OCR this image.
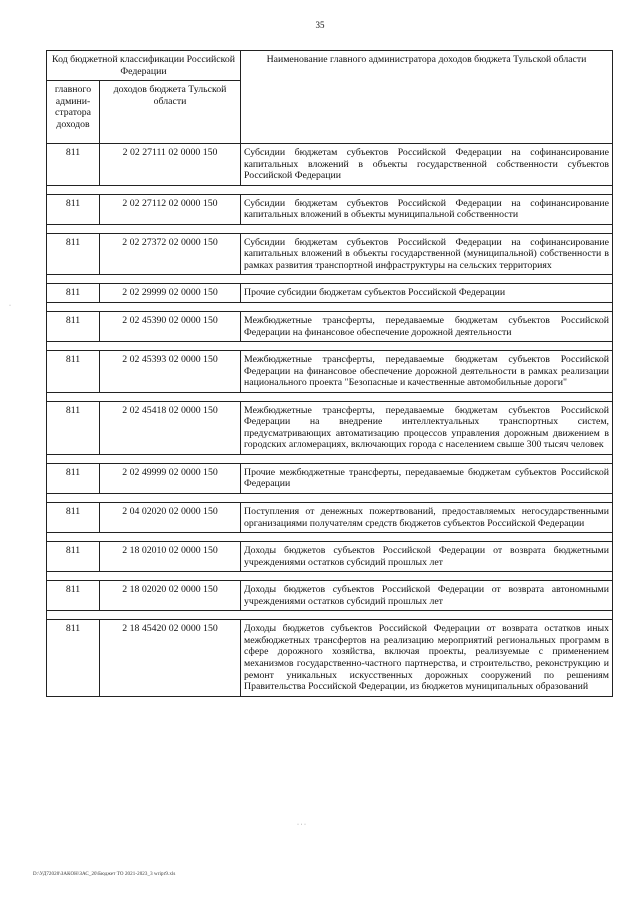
35
Код бюджетной классификации Российской Федерации		Наименование главного администратора доходов бюджета Тульской области
главного админи-стратора доходов	доходов бюджета Тульской области	
811	2 02 27111 02 0000 150	Субсидии бюджетам субъектов Российской Федерации на софинансирование капитальных вложений в объекты государственной собственности субъектов Российской Федерации

811	2 02 27112 02 0000 150	Субсидии бюджетам субъектов Российской Федерации на софинансирование капитальных вложений в объекты муниципальной собственности

811	2 02 27372 02 0000 150	Субсидии бюджетам субъектов Российской Федерации на софинансирование капитальных вложений в объекты государственной (муниципальной) собственности в рамках развития транспортной инфраструктуры на сельских территориях

811	2 02 29999 02 0000 150	Прочие субсидии бюджетам субъектов Российской Федерации

811	2 02 45390 02 0000 150	Межбюджетные трансферты, передаваемые бюджетам субъектов Российской Федерации на финансовое обеспечение дорожной деятельности

811	2 02 45393 02 0000 150	Межбюджетные трансферты, передаваемые бюджетам субъектов Российской Федерации на финансовое обеспечение дорожной деятельности в рамках реализации национального проекта "Безопасные и качественные автомобильные дороги"

811	2 02 45418 02 0000 150	Межбюджетные трансферты, передаваемые бюджетам субъектов Российской Федерации на внедрение интеллектуальных транспортных систем, предусматривающих автоматизацию процессов управления дорожным движением в городских агломерациях, включающих города с населением свыше 300 тысяч человек

811	2 02 49999 02 0000 150	Прочие межбюджетные трансферты, передаваемые бюджетам субъектов Российской Федерации

811	2 04 02020 02 0000 150	Поступления от денежных пожертвований, предоставляемых негосударственными организациями получателям средств бюджетов субъектов Российской Федерации

811	2 18 02010 02 0000 150	Доходы бюджетов субъектов Российской Федерации от возврата бюджетными учреждениями остатков субсидий прошлых лет

811	2 18 02020 02 0000 150	Доходы бюджетов субъектов Российской Федерации от возврата автономными учреждениями остатков субсидий прошлых лет

811	2 18 45420 02 0000 150	Доходы бюджетов субъектов Российской Федерации от возврата остатков иных межбюджетных трансфертов на реализацию мероприятий региональных программ в сфере дорожного хозяйства, включая проекты, реализуемые с применением механизмов государственно-частного партнерства, и строительство, реконструкцию и ремонт уникальных искусственных дорожных сооружений по решениям Правительства Российской Федерации, из бюджетов муниципальных образований
·
· · ·
D:\УД72020\ЗАКОН\ЗАС_20\Бюджет ТО 2021-2023_3 wripr9.xls
